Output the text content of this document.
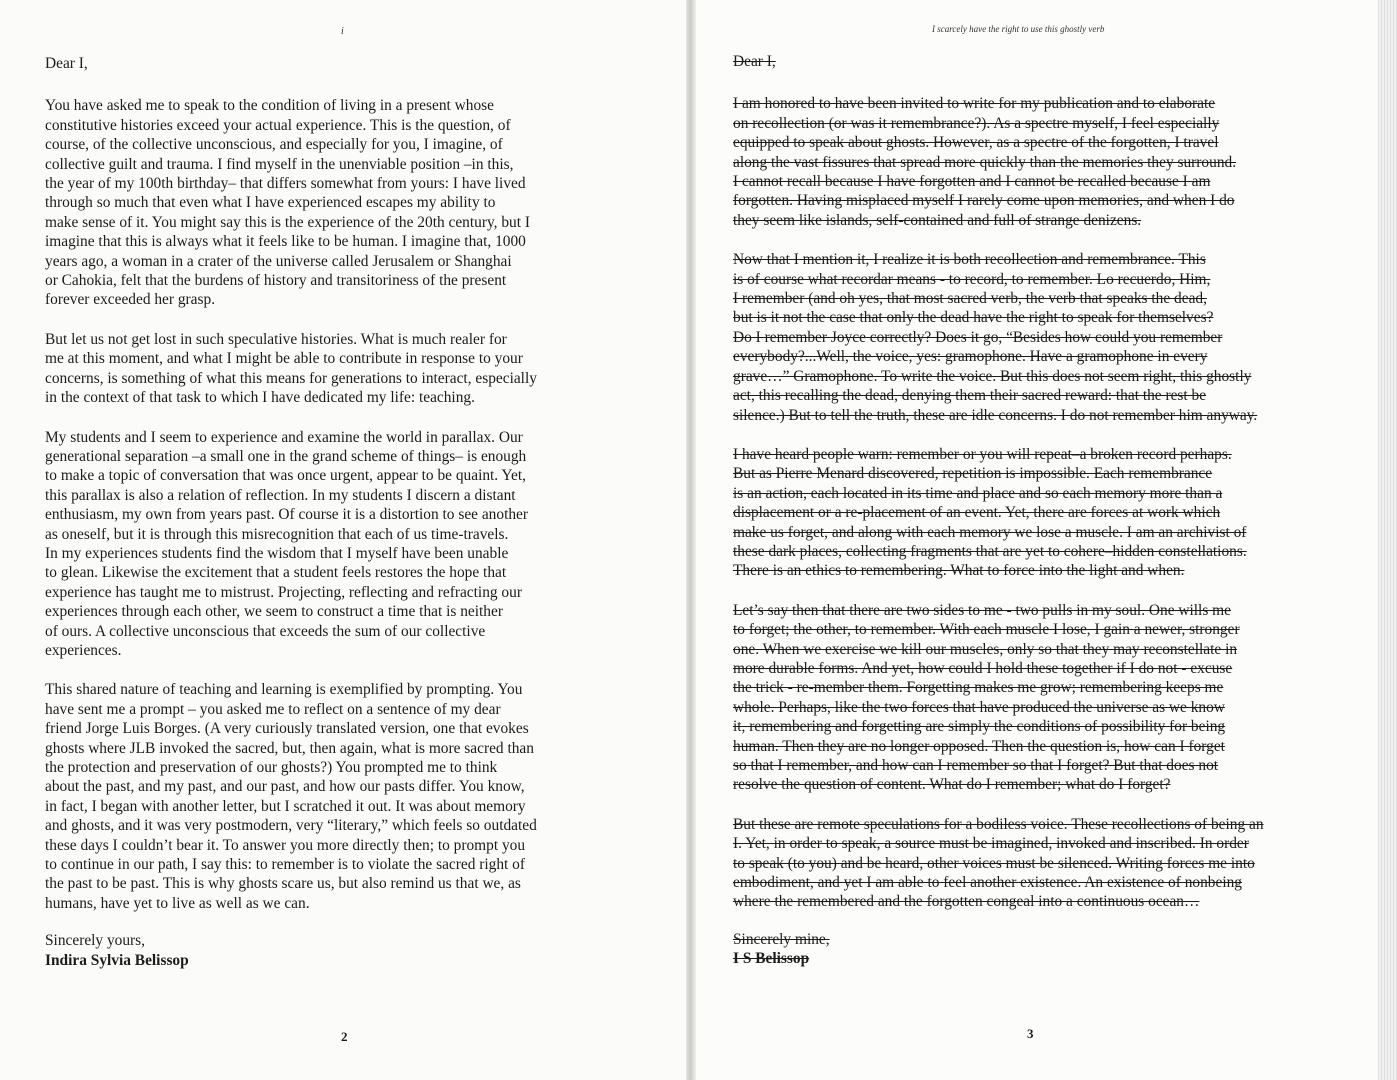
i	I scarcely have the right to use this ghostly verb
Dear I,

You have asked me to speak to the condition of living in a present whose
constitutive histories exceed your actual experience. This is the question, of
course, of the collective unconscious, and especially for you, I imagine, of
collective guilt and trauma. I find myself in the unenviable position –in this,
the year of my 100th birthday– that differs somewhat from yours: I have lived
through so much that even what I have experienced escapes my ability to
make sense of it. You might say this is the experience of the 20th century, but I
imagine that this is always what it feels like to be human. I imagine that, 1000
years ago, a woman in a crater of the universe called Jerusalem or Shanghai
or Cahokia, felt that the burdens of history and transitoriness of the present
forever exceeded her grasp.

But let us not get lost in such speculative histories. What is much realer for
me at this moment, and what I might be able to contribute in response to your
concerns, is something of what this means for generations to interact, especially
in the context of that task to which I have dedicated my life: teaching.

My students and I seem to experience and examine the world in parallax. Our
generational separation –a small one in the grand scheme of things– is enough
to make a topic of conversation that was once urgent, appear to be quaint. Yet,
this parallax is also a relation of reflection. In my students I discern a distant
enthusiasm, my own from years past. Of course it is a distortion to see another
as oneself, but it is through this misrecognition that each of us time-travels.
In my experiences students find the wisdom that I myself have been unable
to glean. Likewise the excitement that a student feels restores the hope that
experience has taught me to mistrust. Projecting, reflecting and refracting our
experiences through each other, we seem to construct a time that is neither
of ours. A collective unconscious that exceeds the sum of our collective
experiences.

This shared nature of teaching and learning is exemplified by prompting. You
have sent me a prompt – you asked me to reflect on a sentence of my dear
friend Jorge Luis Borges. (A very curiously translated version, one that evokes
ghosts where JLB invoked the sacred, but, then again, what is more sacred than
the protection and preservation of our ghosts?) You prompted me to think
about the past, and my past, and our past, and how our pasts differ. You know,
in fact, I began with another letter, but I scratched it out. It was about memory
and ghosts, and it was very postmodern, very “literary,” which feels so outdated
these days I couldn’t bear it. To answer you more directly then; to prompt you
to continue in our path, I say this: to remember is to violate the sacred right of
the past to be past. This is why ghosts scare us, but also remind us that we, as
humans, have yet to live as well as we can.

Sincerely yours,
Indira Sylvia Belissop
Dear I,

I am honored to have been invited to write for my publication and to elaborate
on recollection (or was it remembrance?). As a spectre myself, I feel especially
equipped to speak about ghosts. However, as a spectre of the forgotten, I travel
along the vast fissures that spread more quickly than the memories they surround.
I cannot recall because I have forgotten and I cannot be recalled because I am
forgotten. Having misplaced myself I rarely come upon memories, and when I do
they seem like islands, self-contained and full of strange denizens.

Now that I mention it, I realize it is both recollection and remembrance. This
is of course what recordar means - to record, to remember. Lo recuerdo, Him,
I remember (and oh yes, that most sacred verb, the verb that speaks the dead,
but is it not the case that only the dead have the right to speak for themselves?
Do I remember Joyce correctly? Does it go, “Besides how could you remember
everybody?...Well, the voice, yes: gramophone. Have a gramophone in every
grave…” Gramophone. To write the voice. But this does not seem right, this ghostly
act, this recalling the dead, denying them their sacred reward: that the rest be
silence.) But to tell the truth, these are idle concerns. I do not remember him anyway.

I have heard people warn: remember or you will repeat–a broken record perhaps.
But as Pierre Menard discovered, repetition is impossible. Each remembrance
is an action, each located in its time and place and so each memory more than a
displacement or a re-placement of an event. Yet, there are forces at work which
make us forget, and along with each memory we lose a muscle. I am an archivist of
these dark places, collecting fragments that are yet to cohere–hidden constellations.
There is an ethics to remembering. What to force into the light and when.

Let’s say then that there are two sides to me - two pulls in my soul. One wills me
to forget; the other, to remember. With each muscle I lose, I gain a newer, stronger
one. When we exercise we kill our muscles, only so that they may reconstellate in
more durable forms. And yet, how could I hold these together if I do not - excuse
the trick - re-member them. Forgetting makes me grow; remembering keeps me
whole. Perhaps, like the two forces that have produced the universe as we know
it, remembering and forgetting are simply the conditions of possibility for being
human. Then they are no longer opposed. Then the question is, how can I forget
so that I remember, and how can I remember so that I forget? But that does not
resolve the question of content. What do I remember; what do I forget?

But these are remote speculations for a bodiless voice. These recollections of being an
I. Yet, in order to speak, a source must be imagined, invoked and inscribed. In order
to speak (to you) and be heard, other voices must be silenced. Writing forces me into
embodiment, and yet I am able to feel another existence. An existence of nonbeing
where the remembered and the forgotten congeal into a continuous ocean…

Sincerely mine,
I S Belissop
2	3
